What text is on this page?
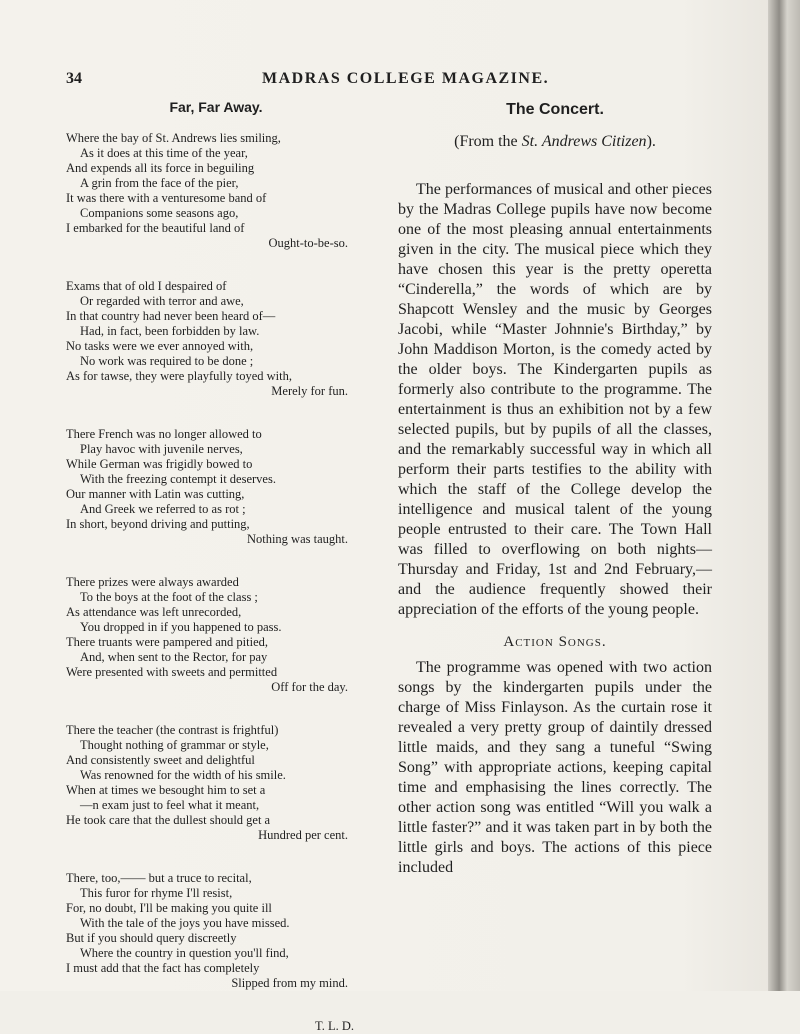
34	MADRAS COLLEGE MAGAZINE.
Far, Far Away.
Where the bay of St. Andrews lies smiling,
As it does at this time of the year,
And expends all its force in beguiling
A grin from the face of the pier,
It was there with a venturesome band of
Companions some seasons ago,
I embarked for the beautiful land of
Ought-to-be-so.
Exams that of old I despaired of
Or regarded with terror and awe,
In that country had never been heard of—
Had, in fact, been forbidden by law.
No tasks were we ever annoyed with,
No work was required to be done ;
As for tawse, they were playfully toyed with,
Merely for fun.
There French was no longer allowed to
Play havoc with juvenile nerves,
While German was frigidly bowed to
With the freezing contempt it deserves.
Our manner with Latin was cutting,
And Greek we referred to as rot ;
In short, beyond driving and putting,
Nothing was taught.
There prizes were always awarded
To the boys at the foot of the class ;
As attendance was left unrecorded,
You dropped in if you happened to pass.
There truants were pampered and pitied,
And, when sent to the Rector, for pay
Were presented with sweets and permitted
Off for the day.
There the teacher (the contrast is frightful)
Thought nothing of grammar or style,
And consistently sweet and delightful
Was renowned for the width of his smile.
When at times we besought him to set a
—n exam just to feel what it meant,
He took care that the dullest should get a
Hundred per cent.
There, too,—— but a truce to recital,
This furor for rhyme I'll resist,
For, no doubt, I'll be making you quite ill
With the tale of the joys you have missed.
But if you should query discreetly
Where the country in question you'll find,
I must add that the fact has completely
Slipped from my mind.
T. L. D.
The Concert.
(From the St. Andrews Citizen).

The performances of musical and other pieces by the Madras College pupils have now become one of the most pleasing annual entertainments given in the city. The musical piece which they have chosen this year is the pretty operetta “Cinderella,” the words of which are by Shapcott Wensley and the music by Georges Jacobi, while “Master Johnnie's Birthday,” by John Maddison Morton, is the comedy acted by the older boys. The Kindergarten pupils as formerly also contribute to the programme. The entertainment is thus an exhibition not by a few selected pupils, but by pupils of all the classes, and the remarkably successful way in which all perform their parts testifies to the ability with which the staff of the College develop the intelligence and musical talent of the young people entrusted to their care. The Town Hall was filled to overflowing on both nights—Thursday and Friday, 1st and 2nd February,—and the audience frequently showed their appreciation of the efforts of the young people.

Action Songs.

The programme was opened with two action songs by the kindergarten pupils under the charge of Miss Finlayson. As the curtain rose it revealed a very pretty group of daintily dressed little maids, and they sang a tuneful “Swing Song” with appropriate actions, keeping capital time and emphasising the lines correctly. The other action song was entitled “Will you walk a little faster?” and it was taken part in by both the little girls and boys. The actions of this piece included
